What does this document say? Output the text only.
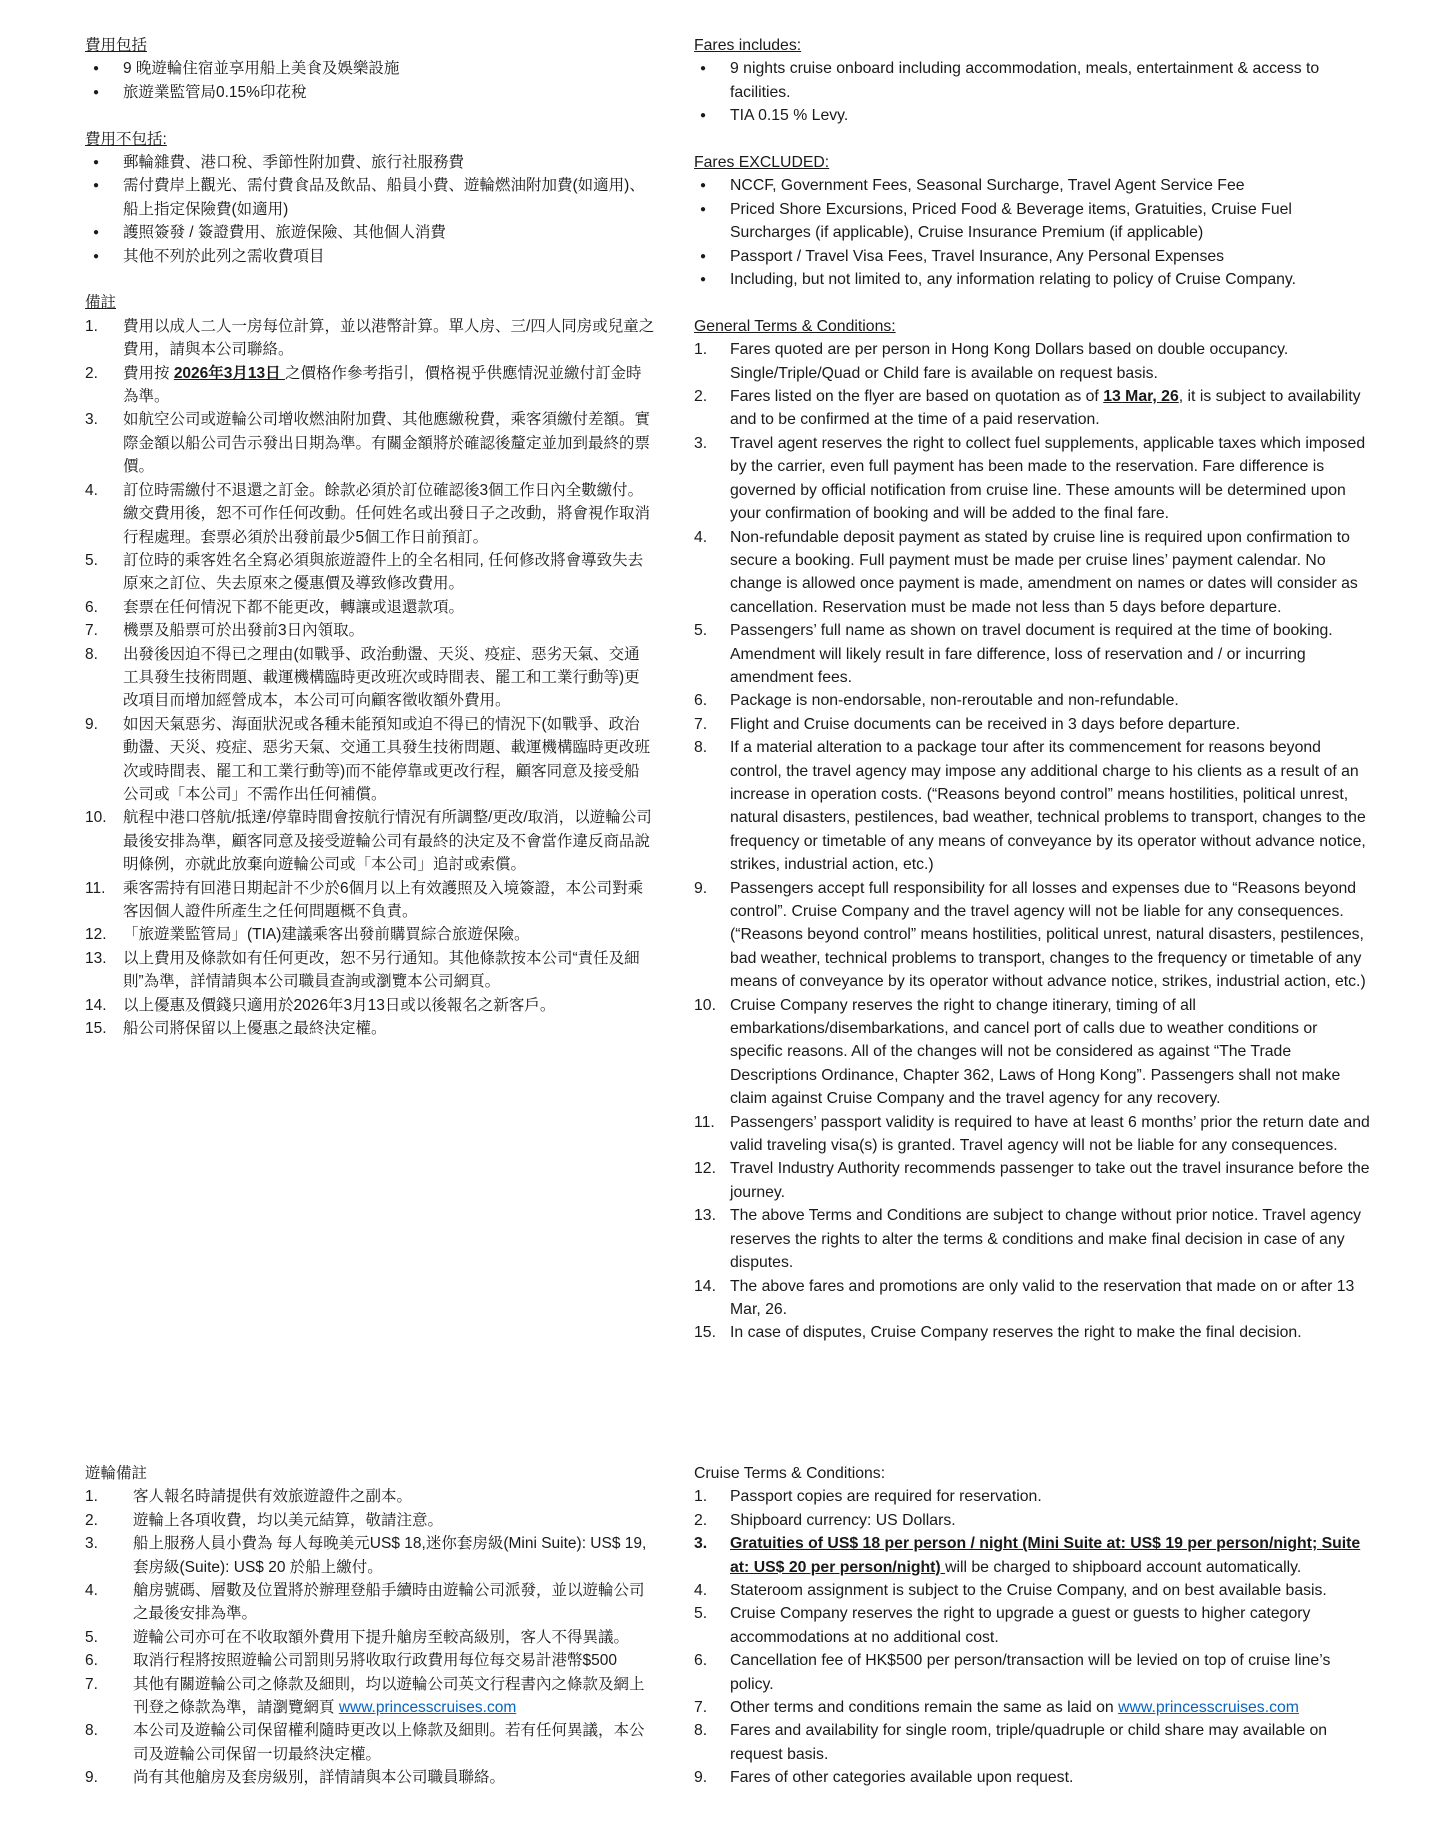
費用包括
●	9 晚遊輪住宿並享用船上美食及娛樂設施
●	旅遊業監管局0.15%印花稅
費用不包括:
●	郵輪雜費、港口稅、季節性附加費、旅行社服務費
●	需付費岸上觀光、需付費食品及飲品、船員小費、遊輪燃油附加費(如適用)、船上指定保險費(如適用)
●	護照簽發 / 簽證費用、旅遊保險、其他個人消費
●	其他不列於此列之需收費項目
備註
1.	費用以成人二人一房每位計算，並以港幣計算。單人房、三/四人同房或兒童之費用，請與本公司聯絡。
2.	費用按 2026年3月13日 之價格作參考指引，價格視乎供應情況並繳付訂金時為準。
3.	如航空公司或遊輪公司增收燃油附加費、其他應繳稅費，乘客須繳付差額。實際金額以船公司告示發出日期為準。有關金額將於確認後釐定並加到最終的票價。
4.	訂位時需繳付不退還之訂金。餘款必須於訂位確認後3個工作日內全數繳付。繳交費用後，恕不可作任何改動。任何姓名或出發日子之改動，將會視作取消行程處理。套票必須於出發前最少5個工作日前預訂。
5.	訂位時的乘客姓名全寫必須與旅遊證件上的全名相同, 任何修改將會導致失去原來之訂位、失去原來之優惠價及導致修改費用。
6.	套票在任何情況下都不能更改，轉讓或退還款項。
7.	機票及船票可於出發前3日內領取。
8.	出發後因迫不得已之理由(如戰爭、政治動盪、天災、疫症、惡劣天氣、交通工具發生技術問題、載運機構臨時更改班次或時間表、罷工和工業行動等)更改項目而增加經營成本，本公司可向顧客徵收額外費用。
9.	如因天氣惡劣、海面狀況或各種未能預知或迫不得已的情況下(如戰爭、政治動盪、天災、疫症、惡劣天氣、交通工具發生技術問題、載運機構臨時更改班次或時間表、罷工和工業行動等)而不能停靠或更改行程，顧客同意及接受船公司或「本公司」不需作出任何補償。
10.	航程中港口啓航/抵達/停靠時間會按航行情況有所調整/更改/取消，以遊輪公司最後安排為準，顧客同意及接受遊輪公司有最終的決定及不會當作違反商品說明條例，亦就此放棄向遊輪公司或「本公司」追討或索償。
11.	乘客需持有回港日期起計不少於6個月以上有效護照及入境簽證，本公司對乘客因個人證件所產生之任何問題概不負責。
12.	「旅遊業監管局」(TIA)建議乘客出發前購買綜合旅遊保險。
13.	以上費用及條款如有任何更改，恕不另行通知。其他條款按本公司“責任及細則”為準，詳情請與本公司職員查詢或瀏覽本公司網頁。
14.	以上優惠及價錢只適用於2026年3月13日或以後報名之新客戶。
15.	船公司將保留以上優惠之最終決定權。
Fares includes:
●	9 nights cruise onboard including accommodation, meals, entertainment & access to facilities.
●	TIA 0.15 % Levy.
Fares EXCLUDED:
●	NCCF, Government Fees, Seasonal Surcharge, Travel Agent Service Fee
●	Priced Shore Excursions, Priced Food & Beverage items, Gratuities, Cruise Fuel Surcharges (if applicable), Cruise Insurance Premium (if applicable)
●	Passport / Travel Visa Fees, Travel Insurance, Any Personal Expenses
●	Including, but not limited to, any information relating to policy of Cruise Company.
General Terms & Conditions:
1.	Fares quoted are per person in Hong Kong Dollars based on double occupancy. Single/Triple/Quad or Child fare is available on request basis.
2.	Fares listed on the flyer are based on quotation as of 13 Mar, 26, it is subject to availability and to be confirmed at the time of a paid reservation.
3.	Travel agent reserves the right to collect fuel supplements, applicable taxes which imposed by the carrier, even full payment has been made to the reservation. Fare difference is governed by official notification from cruise line. These amounts will be determined upon your confirmation of booking and will be added to the final fare.
4.	Non-refundable deposit payment as stated by cruise line is required upon confirmation to secure a booking. Full payment must be made per cruise lines’ payment calendar. No change is allowed once payment is made, amendment on names or dates will consider as cancellation. Reservation must be made not less than 5 days before departure.
5.	Passengers’ full name as shown on travel document is required at the time of booking. Amendment will likely result in fare difference, loss of reservation and / or incurring amendment fees.
6.	Package is non-endorsable, non-reroutable and non-refundable.
7.	Flight and Cruise documents can be received in 3 days before departure.
8.	If a material alteration to a package tour after its commencement for reasons beyond control, the travel agency may impose any additional charge to his clients as a result of an increase in operation costs. (“Reasons beyond control” means hostilities, political unrest, natural disasters, pestilences, bad weather, technical problems to transport, changes to the frequency or timetable of any means of conveyance by its operator without advance notice, strikes, industrial action, etc.)
9.	Passengers accept full responsibility for all losses and expenses due to “Reasons beyond control”. Cruise Company and the travel agency will not be liable for any consequences. (“Reasons beyond control” means hostilities, political unrest, natural disasters, pestilences, bad weather, technical problems to transport, changes to the frequency or timetable of any means of conveyance by its operator without advance notice, strikes, industrial action, etc.)
10. Cruise Company reserves the right to change itinerary, timing of all embarkations/disembarkations, and cancel port of calls due to weather conditions or specific reasons. All of the changes will not be considered as against “The Trade Descriptions Ordinance, Chapter 362, Laws of Hong Kong”. Passengers shall not make claim against Cruise Company and the travel agency for any recovery.
11. Passengers’ passport validity is required to have at least 6 months’ prior the return date and valid traveling visa(s) is granted. Travel agency will not be liable for any consequences.
12. Travel Industry Authority recommends passenger to take out the travel insurance before the journey.
13. The above Terms and Conditions are subject to change without prior notice. Travel agency reserves the rights to alter the terms & conditions and make final decision in case of any disputes.
14. The above fares and promotions are only valid to the reservation that made on or after 13 Mar, 26.
15. In case of disputes, Cruise Company reserves the right to make the final decision.
遊輪備註
1.	客人報名時請提供有效旅遊證件之副本。
2.	遊輪上各項收費，均以美元結算，敬請注意。
3.	船上服務人員小費為 每人每晚美元US$ 18,迷你套房級(Mini Suite): US$ 19, 套房級(Suite): US$ 20 於船上繳付。
4.	艙房號碼、層數及位置將於辦理登船手續時由遊輪公司派發，並以遊輪公司之最後安排為準。
5.	遊輪公司亦可在不收取額外費用下提升艙房至較高級別，客人不得異議。
6.	取消行程將按照遊輪公司罰則另將收取行政費用每位每交易計港幣$500
7.	其他有關遊輪公司之條款及細則，均以遊輪公司英文行程書內之條款及網上刊登之條款為準，請瀏覽網頁 www.princesscruises.com
8.	本公司及遊輪公司保留權利隨時更改以上條款及細則。若有任何異議，本公司及遊輪公司保留一切最終決定權。
9.	尚有其他艙房及套房級別，詳情請與本公司職員聯絡。
Cruise Terms & Conditions:
1.	Passport copies are required for reservation.
2.	Shipboard currency: US Dollars.
3.	Gratuities of US$ 18 per person / night (Mini Suite at: US$ 19 per person/night; Suite at: US$ 20 per person/night) will be charged to shipboard account automatically.
4.	Stateroom assignment is subject to the Cruise Company, and on best available basis.
5.	Cruise Company reserves the right to upgrade a guest or guests to higher category accommodations at no additional cost.
6.	Cancellation fee of HK$500 per person/transaction will be levied on top of cruise line’s policy.
7.	Other terms and conditions remain the same as laid on www.princesscruises.com
8.	Fares and availability for single room, triple/quadruple or child share may available on request basis.
9.	Fares of other categories available upon request.
